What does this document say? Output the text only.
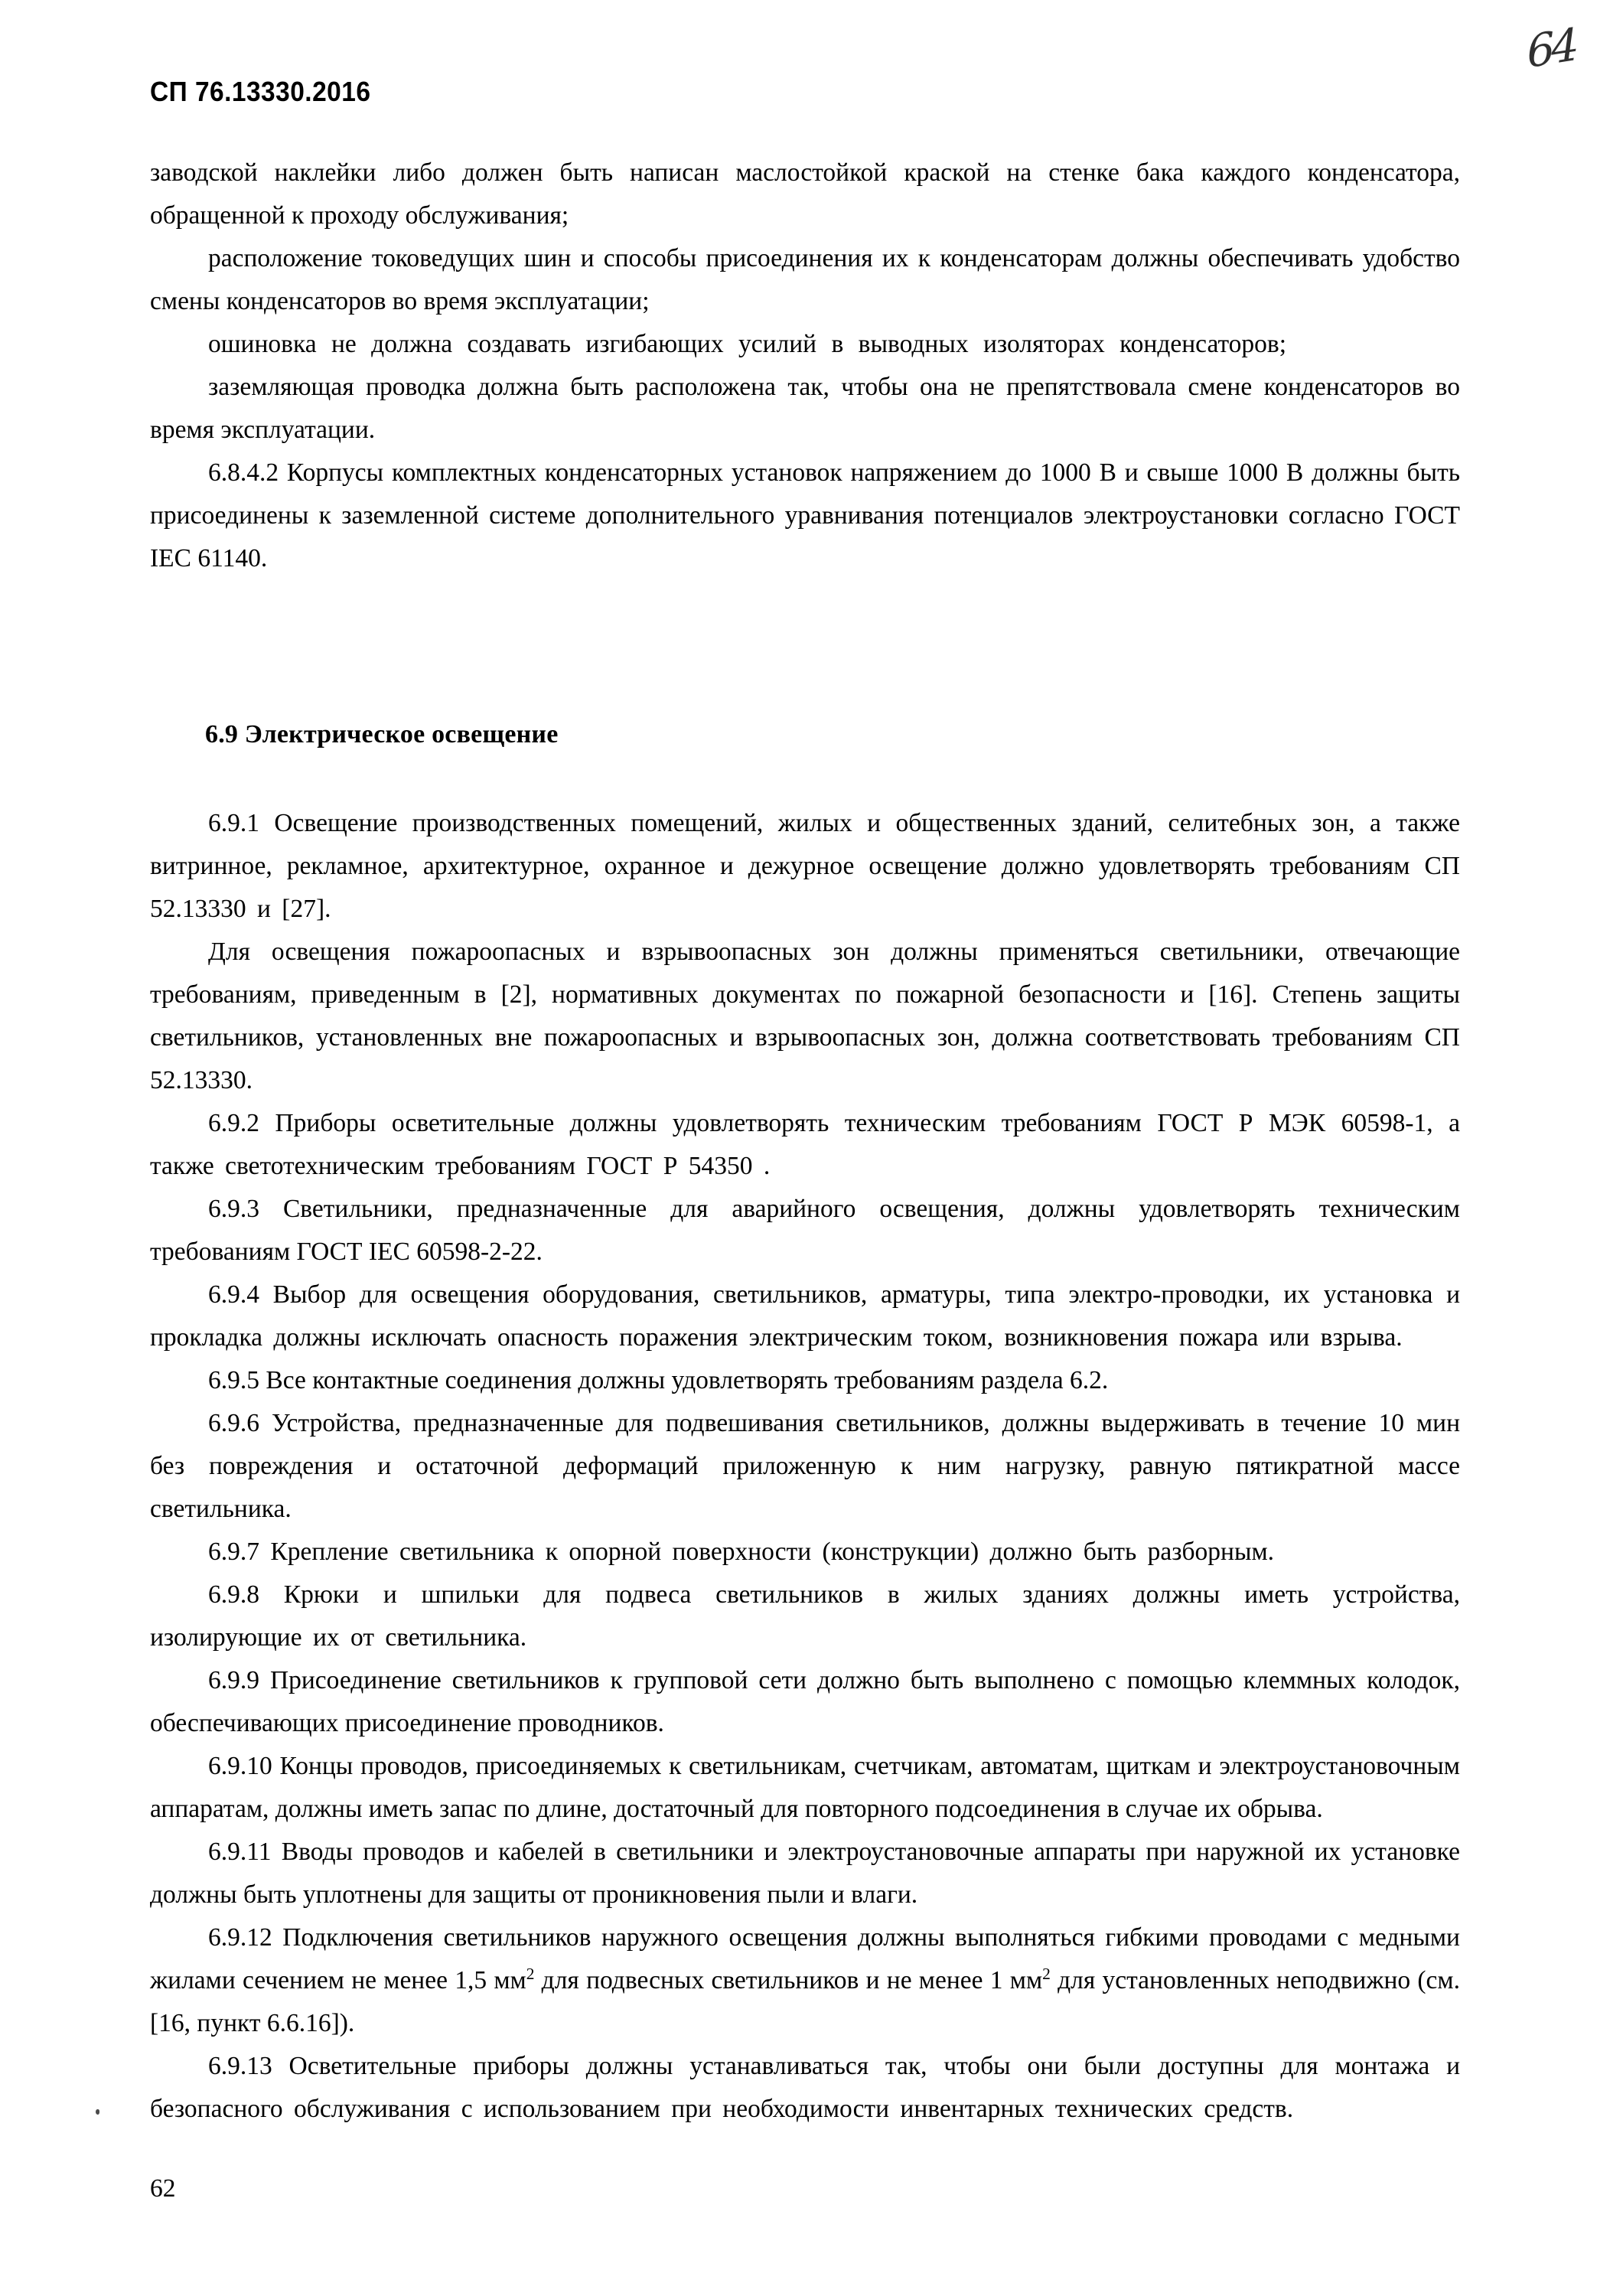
СП 76.13330.2016
64

заводской наклейки либо должен быть написан маслостойкой краской на стенке бака каждого конденсатора, обращенной к проходу обслуживания;

расположение токоведущих шин и способы присоединения их к конденсаторам должны обеспечивать удобство смены конденсаторов во время эксплуатации;

ошиновка не должна создавать изгибающих усилий в выводных изоляторах конденсаторов;

заземляющая проводка должна быть расположена так, чтобы она не препятствовала смене конденсаторов во время эксплуатации.

6.8.4.2 Корпусы комплектных конденсаторных установок напряжением до 1000 В и свыше 1000 В должны быть присоединены к заземленной системе дополнительного уравнивания потенциалов электроустановки согласно ГОСТ IEC 61140.

6.9 Электрическое освещение

6.9.1 Освещение производственных помещений, жилых и общественных зданий, селитебных зон, а также витринное, рекламное, архитектурное, охранное и дежурное освещение должно удовлетворять требованиям СП 52.13330 и [27].

Для освещения пожароопасных и взрывоопасных зон должны применяться светильники, отвечающие требованиям, приведенным в [2], нормативных документах по пожарной безопасности и [16]. Степень защиты светильников, установленных вне пожароопасных и взрывоопасных зон, должна соответствовать требованиям СП 52.13330.

6.9.2 Приборы осветительные должны удовлетворять техническим требованиям ГОСТ Р МЭК 60598-1, а также светотехническим требованиям ГОСТ Р 54350 .

6.9.3 Светильники, предназначенные для аварийного освещения, должны удовлетворять техническим требованиям ГОСТ IEC 60598-2-22.

6.9.4 Выбор для освещения оборудования, светильников, арматуры, типа электро-проводки, их установка и прокладка должны исключать опасность поражения электрическим током, возникновения пожара или взрыва.

6.9.5 Все контактные соединения должны удовлетворять требованиям раздела 6.2.

6.9.6 Устройства, предназначенные для подвешивания светильников, должны выдерживать в течение 10 мин без повреждения и остаточной деформаций приложенную к ним нагрузку, равную пятикратной массе светильника.

6.9.7 Крепление светильника к опорной поверхности (конструкции) должно быть разборным.

6.9.8 Крюки и шпильки для подвеса светильников в жилых зданиях должны иметь устройства, изолирующие их от светильника.

6.9.9 Присоединение светильников к групповой сети должно быть выполнено с помощью клеммных колодок, обеспечивающих присоединение проводников.

6.9.10 Концы проводов, присоединяемых к светильникам, счетчикам, автоматам, щиткам и электроустановочным аппаратам, должны иметь запас по длине, достаточный для повторного подсоединения в случае их обрыва.

6.9.11 Вводы проводов и кабелей в светильники и электроустановочные аппараты при наружной их установке должны быть уплотнены для защиты от проникновения пыли и влаги.

6.9.12 Подключения светильников наружного освещения должны выполняться гибкими проводами с медными жилами сечением не менее 1,5 $мм^2$ для подвесных светильников и не менее 1 $мм^2$ для установленных неподвижно (см. [16, пункт 6.6.16]).

6.9.13 Осветительные приборы должны устанавливаться так, чтобы они были доступны для монтажа и безопасного обслуживания с использованием при необходимости инвентарных технических средств.

62
